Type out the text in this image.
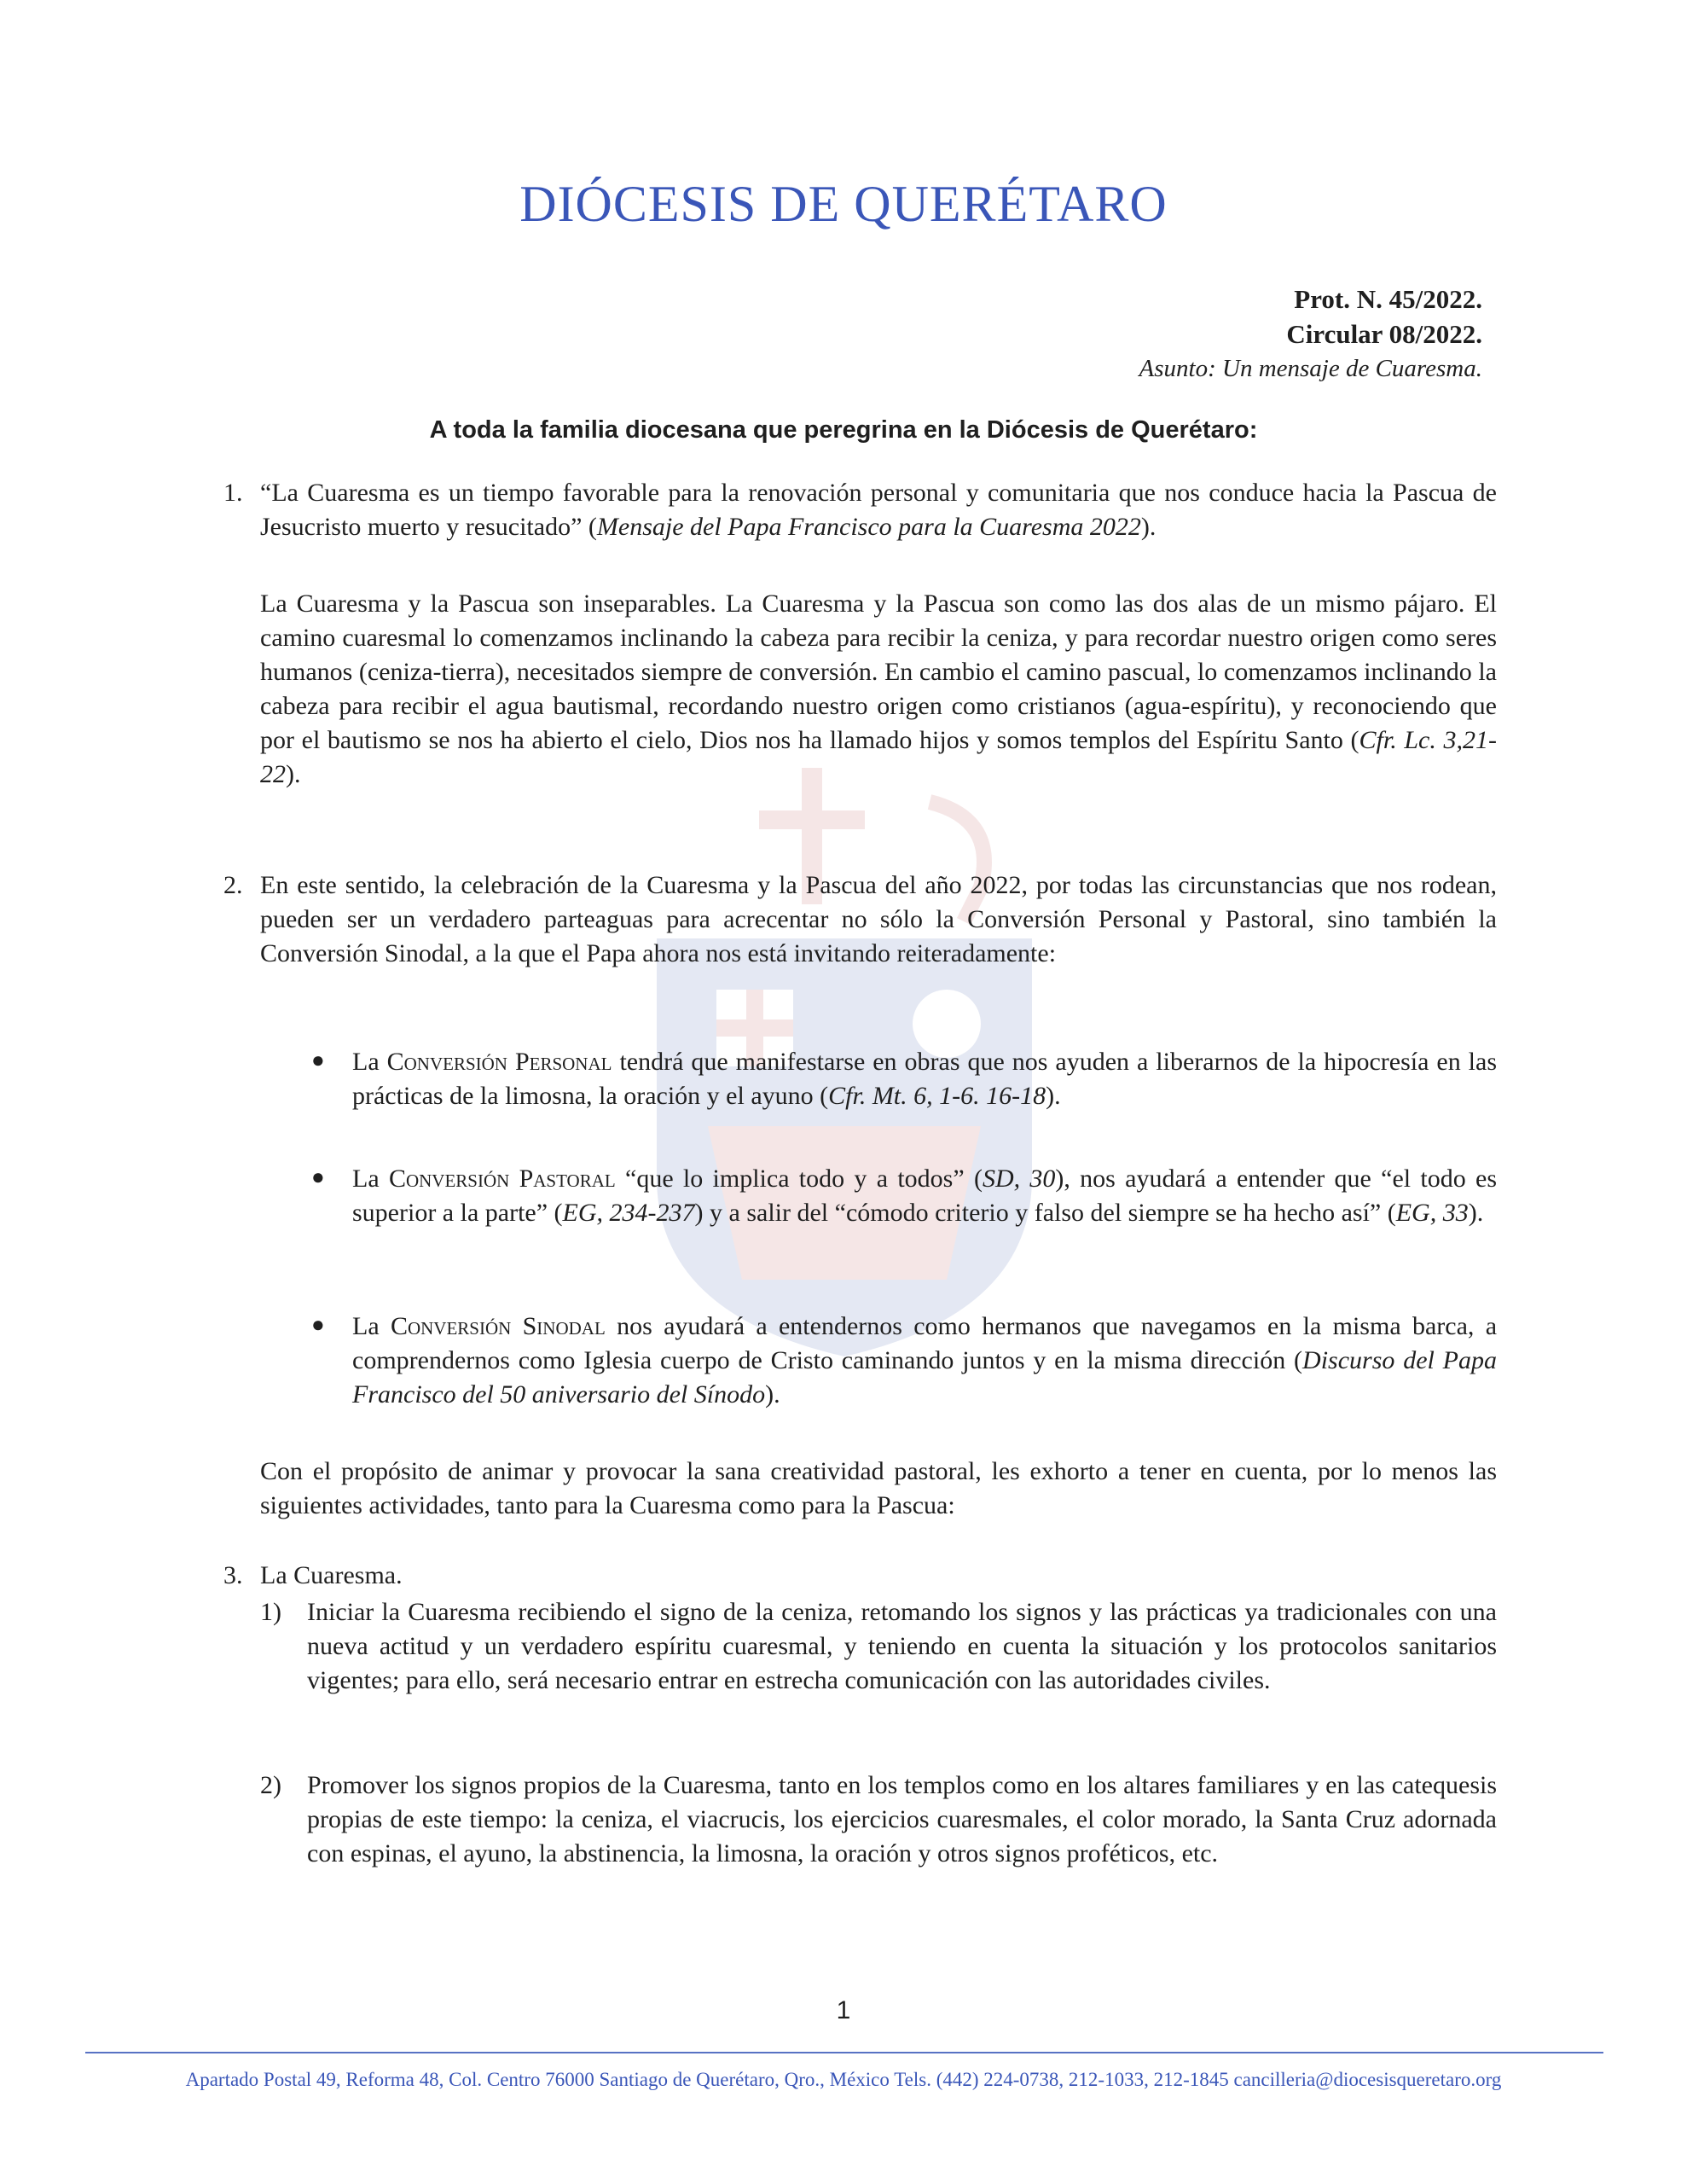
DIÓCESIS DE QUERÉTARO
Prot. N. 45/2022.
Circular 08/2022.
Asunto: Un mensaje de Cuaresma.
A toda la familia diocesana que peregrina en la Diócesis de Querétaro:
1. “La Cuaresma es un tiempo favorable para la renovación personal y comunitaria que nos conduce hacia la Pascua de Jesucristo muerto y resucitado” (Mensaje del Papa Francisco para la Cuaresma 2022).
La Cuaresma y la Pascua son inseparables. La Cuaresma y la Pascua son como las dos alas de un mismo pájaro. El camino cuaresmal lo comenzamos inclinando la cabeza para recibir la ceniza, y para recordar nuestro origen como seres humanos (ceniza-tierra), necesitados siempre de conversión. En cambio el camino pascual, lo comenzamos inclinando la cabeza para recibir el agua bautismal, recordando nuestro origen como cristianos (agua-espíritu), y reconociendo que por el bautismo se nos ha abierto el cielo, Dios nos ha llamado hijos y somos templos del Espíritu Santo (Cfr. Lc. 3,21-22).
2. En este sentido, la celebración de la Cuaresma y la Pascua del año 2022, por todas las circunstancias que nos rodean, pueden ser un verdadero parteaguas para acrecentar no sólo la Conversión Personal y Pastoral, sino también la Conversión Sinodal, a la que el Papa ahora nos está invitando reiteradamente:
● La Conversión Personal tendrá que manifestarse en obras que nos ayuden a liberarnos de la hipocresía en las prácticas de la limosna, la oración y el ayuno (Cfr. Mt. 6, 1-6. 16-18).
● La Conversión Pastoral “que lo implica todo y a todos” (SD, 30), nos ayudará a entender que “el todo es superior a la parte” (EG, 234-237) y a salir del “cómodo criterio y falso del siempre se ha hecho así” (EG, 33).
● La Conversión Sinodal nos ayudará a entendernos como hermanos que navegamos en la misma barca, a comprendernos como Iglesia cuerpo de Cristo caminando juntos y en la misma dirección (Discurso del Papa Francisco del 50 aniversario del Sínodo).
Con el propósito de animar y provocar la sana creatividad pastoral, les exhorto a tener en cuenta, por lo menos las siguientes actividades, tanto para la Cuaresma como para la Pascua:
3. La Cuaresma.
1)	Iniciar la Cuaresma recibiendo el signo de la ceniza, retomando los signos y las prácticas ya tradicionales con una nueva actitud y un verdadero espíritu cuaresmal, y teniendo en cuenta la situación y los protocolos sanitarios vigentes; para ello, será necesario entrar en estrecha comunicación con las autoridades civiles.
2)	Promover los signos propios de la Cuaresma, tanto en los templos como en los altares familiares y en las catequesis propias de este tiempo: la ceniza, el viacrucis, los ejercicios cuaresmales, el color morado, la Santa Cruz adornada con espinas, el ayuno, la abstinencia, la limosna, la oración y otros signos proféticos, etc.
1
Apartado Postal 49, Reforma 48, Col. Centro 76000 Santiago de Querétaro, Qro., México Tels. (442) 224-0738, 212-1033, 212-1845 cancilleria@diocesisqueretaro.org
